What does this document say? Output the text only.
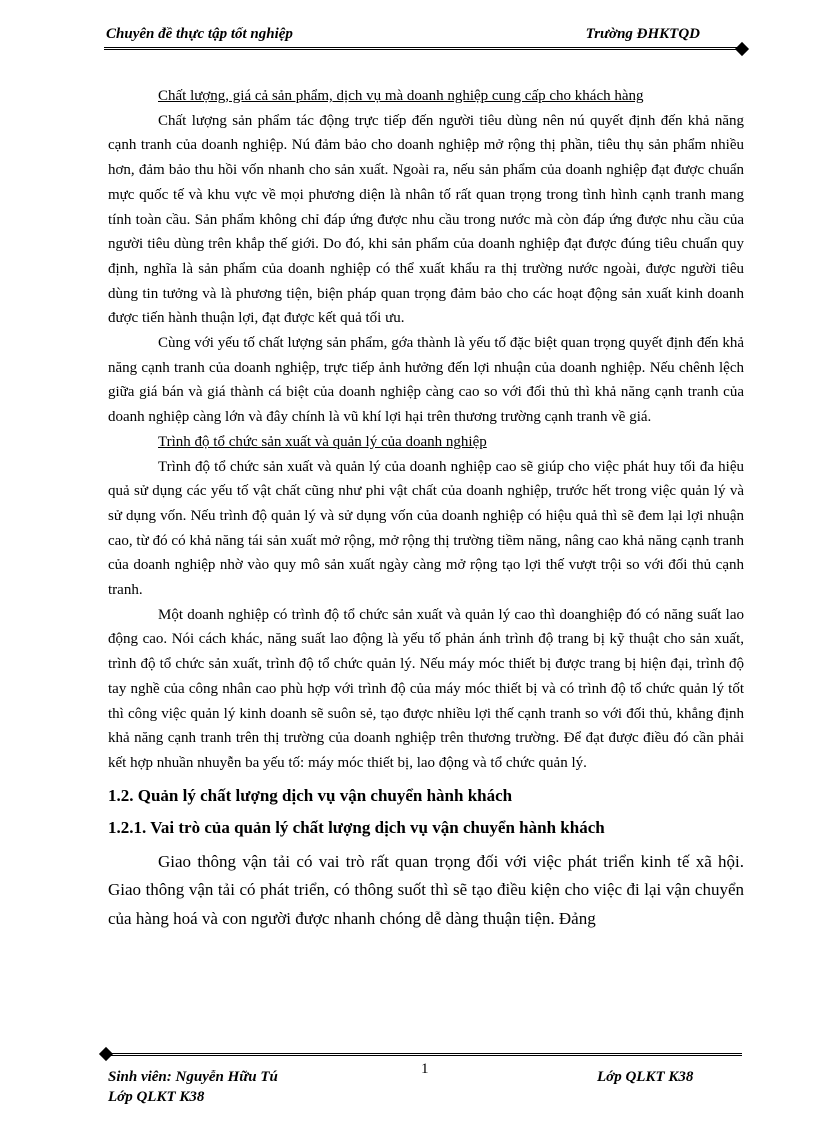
Chuyên đề thực tập tốt nghiệp	Trường ĐHKTQD

Chất lượng, giá cả sản phẩm, dịch vụ mà doanh nghiệp cung cấp cho khách hàng

Chất lượng sản phẩm tác động trực tiếp đến người tiêu dùng nên nú quyết định đến khả năng cạnh tranh của doanh nghiệp. Nú đảm bảo cho doanh nghiệp mở rộng thị phần, tiêu thụ sản phẩm nhiều hơn, đảm bảo thu hồi vốn nhanh cho sản xuất. Ngoài ra, nếu sản phẩm của doanh nghiệp đạt được chuẩn mực quốc tế và khu vực về mọi phương diện là nhân tố rất quan trọng trong tình hình cạnh tranh mang tính toàn cầu. Sản phẩm không chỉ đáp ứng được nhu cầu trong nước mà còn đáp ứng được nhu cầu của người tiêu dùng trên khắp thế giới. Do đó, khi sản phẩm của doanh nghiệp đạt được đúng tiêu chuẩn quy định, nghĩa là sản phẩm của doanh nghiệp có thể xuất khẩu ra thị trường nước ngoài, được người tiêu dùng tin tưởng và là phương tiện, biện pháp quan trọng đảm bảo cho các hoạt động sản xuất kinh doanh được tiến hành thuận lợi, đạt được kết quả tối ưu.

Cùng với yếu tố chất lượng sản phẩm, gớa thành là yếu tố đặc biệt quan trọng quyết định đến khả năng cạnh tranh của doanh nghiệp, trực tiếp ảnh hưởng đến lợi nhuận của doanh nghiệp. Nếu chênh lệch giữa giá bán và giá thành cá biệt của doanh nghiệp càng cao so với đối thủ thì khả năng cạnh tranh của doanh nghiệp càng lớn và đây chính là vũ khí lợi hại trên thương trường cạnh tranh về giá.

Trình độ tổ chức sản xuất và quản lý của doanh nghiệp

Trình độ tổ chức sản xuất và quản lý của doanh nghiệp cao sẽ giúp cho việc phát huy tối đa hiệu quả sử dụng các yếu tố vật chất cũng như phi vật chất của doanh nghiệp, trước hết trong việc quản lý và sử dụng vốn. Nếu trình độ quản lý và sử dụng vốn của doanh nghiệp có hiệu quả thì sẽ đem lại lợi nhuận cao, từ đó có khả năng tái sản xuất mở rộng, mở rộng thị trường tiềm năng, nâng cao khả năng cạnh tranh của doanh nghiệp nhờ vào quy mô sản xuất ngày càng mở rộng tạo lợi thế vượt trội so với đối thủ cạnh tranh.

Một doanh nghiệp có trình độ tổ chức sản xuất và quản lý cao thì doanghiệp đó có năng suất lao động cao. Nói cách khác, năng suất lao động là yếu tố phản ánh trình độ trang bị kỹ thuật cho sản xuất, trình độ tổ chức sản xuất, trình độ tổ chức quản lý. Nếu máy móc thiết bị được trang bị hiện đại, trình độ tay nghề của công nhân cao phù hợp với trình độ của máy móc thiết bị và có trình độ tổ chức quản lý tốt thì công việc quản lý kinh doanh sẽ suôn sẻ, tạo được nhiều lợi thế cạnh tranh so với đối thủ, khẳng định khả năng cạnh tranh trên thị trường của doanh nghiệp trên thương trường. Để đạt được điều đó cần phải kết hợp nhuần nhuyễn ba yếu tố: máy móc thiết bị, lao động và tổ chức quản lý.

1.2. Quản lý chất lượng dịch vụ vận chuyển hành khách

1.2.1. Vai trò của quản lý chất lượng dịch vụ vận chuyển hành khách

Giao thông vận tải có vai trò rất quan trọng đối với việc phát triển kinh tế xã hội. Giao thông vận tải có phát triển, có thông suốt thì sẽ tạo điều kiện cho việc đi lại vận chuyển của hàng hoá và con người được nhanh chóng dễ dàng thuận tiện. Đảng

1
Sinh viên: Nguyễn Hữu Tú	Lớp QLKT K38
Lớp QLKT K38
